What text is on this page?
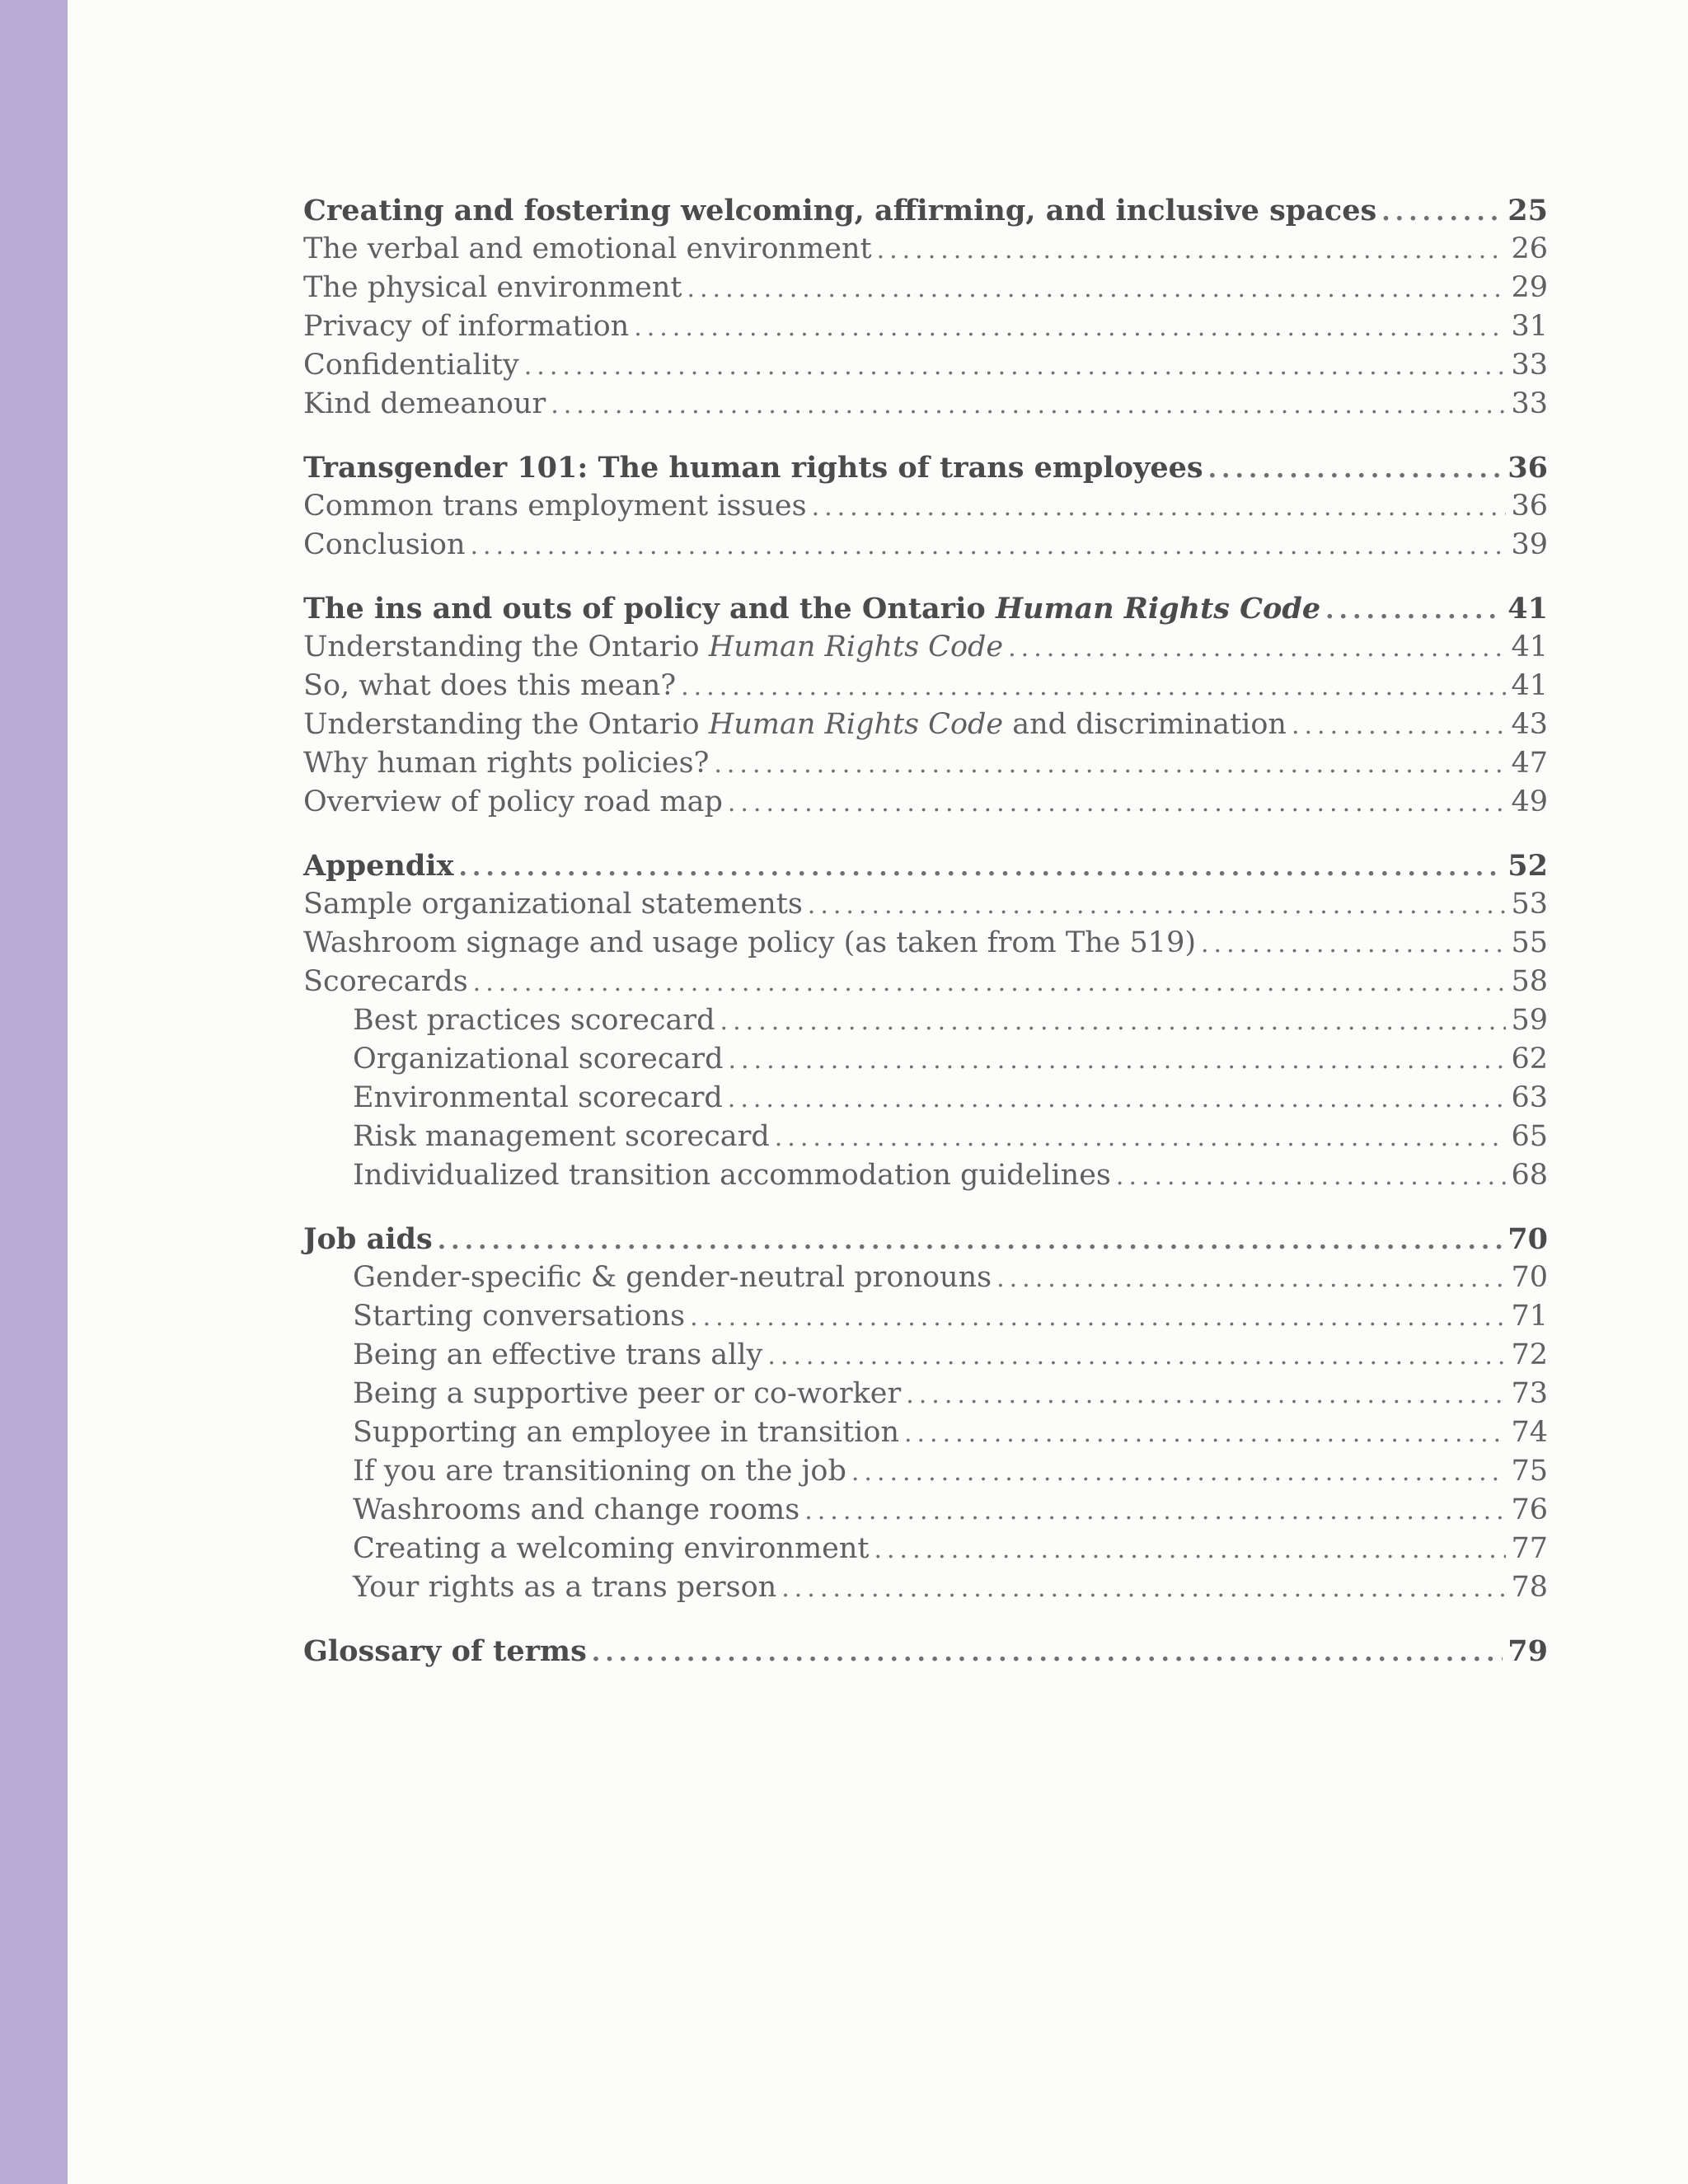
Creating and fostering welcoming, affirming, and inclusive spaces .....	25
The verbal and emotional environment .....	26
The physical environment .....	29
Privacy of information .....	31
Confidentiality .....	33
Kind demeanour .....	33
Transgender 101: The human rights of trans employees .....	36
Common trans employment issues .....	36
Conclusion .....	39
The ins and outs of policy and the Ontario Human Rights Code .....	41
Understanding the Ontario Human Rights Code .....	41
So, what does this mean? .....	41
Understanding the Ontario Human Rights Code and discrimination .....	43
Why human rights policies? .....	47
Overview of policy road map .....	49
Appendix .....	52
Sample organizational statements .....	53
Washroom signage and usage policy (as taken from The 519) .....	55
Scorecards .....	58
Best practices scorecard .....	59
Organizational scorecard .....	62
Environmental scorecard .....	63
Risk management scorecard .....	65
Individualized transition accommodation guidelines .....	68
Job aids .....	70
Gender-specific & gender-neutral pronouns .....	70
Starting conversations .....	71
Being an effective trans ally .....	72
Being a supportive peer or co-worker .....	73
Supporting an employee in transition .....	74
If you are transitioning on the job .....	75
Washrooms and change rooms .....	76
Creating a welcoming environment .....	77
Your rights as a trans person .....	78
Glossary of terms .....	79
